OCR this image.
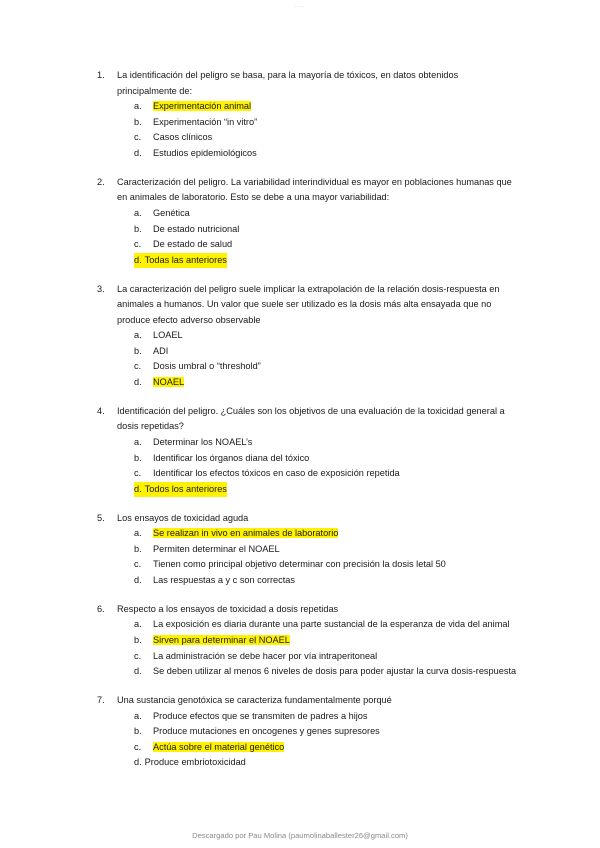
......
1.	La identificación del peligro se basa, para la mayoría de tóxicos, en datos obtenidos principalmente de:
a.	Experimentación animal
b.	Experimentación “in vitro”
c.	Casos clínicos
d.	Estudios epidemiológicos
2.	Caracterización del peligro. La variabilidad interindividual es mayor en poblaciones humanas que en animales de laboratorio. Esto se debe a una mayor variabilidad:
a.	Genética
b.	De estado nutricional
c.	De estado de salud
d. Todas las anteriores
3.	La caracterización del peligro suele implicar la extrapolación de la relación dosis-respuesta en animales a humanos. Un valor que suele ser utilizado es la dosis más alta ensayada que no produce efecto adverso observable
a.	LOAEL
b.	ADI
c.	Dosis umbral o “threshold”
d.	NOAEL
4.	Identificación del peligro. ¿Cuáles son los objetivos de una evaluación de la toxicidad general a dosis repetidas?
a.	Determinar los NOAEL’s
b.	Identificar los órganos diana del tóxico
c.	Identificar los efectos tóxicos en caso de exposición repetida
d. Todos los anteriores
5.	Los ensayos de toxicidad aguda
a.	Se realizan in vivo en animales de laboratorio
b.	Permiten determinar el NOAEL
c.	Tienen como principal objetivo determinar con precisión la dosis letal 50
d.	Las respuestas a y c son correctas
6.	Respecto a los ensayos de toxicidad a dosis repetidas
a.	La exposición es diaria durante una parte sustancial de la esperanza de vida del animal
b.	Sirven para determinar el NOAEL
c.	La administración se debe hacer por vía intraperitoneal
d.	Se deben utilizar al menos 6 niveles de dosis para poder ajustar la curva dosis-respuesta
7.	Una sustancia genotóxica se caracteriza fundamentalmente porqué
a.	Produce efectos que se transmiten de padres a hijos
b.	Produce mutaciones en oncogenes y genes supresores
c.	Actúa sobre el material genético
d. Produce embriotoxicidad
Descargado por Pau Molina (paumolinaballester26@gmail.com)
